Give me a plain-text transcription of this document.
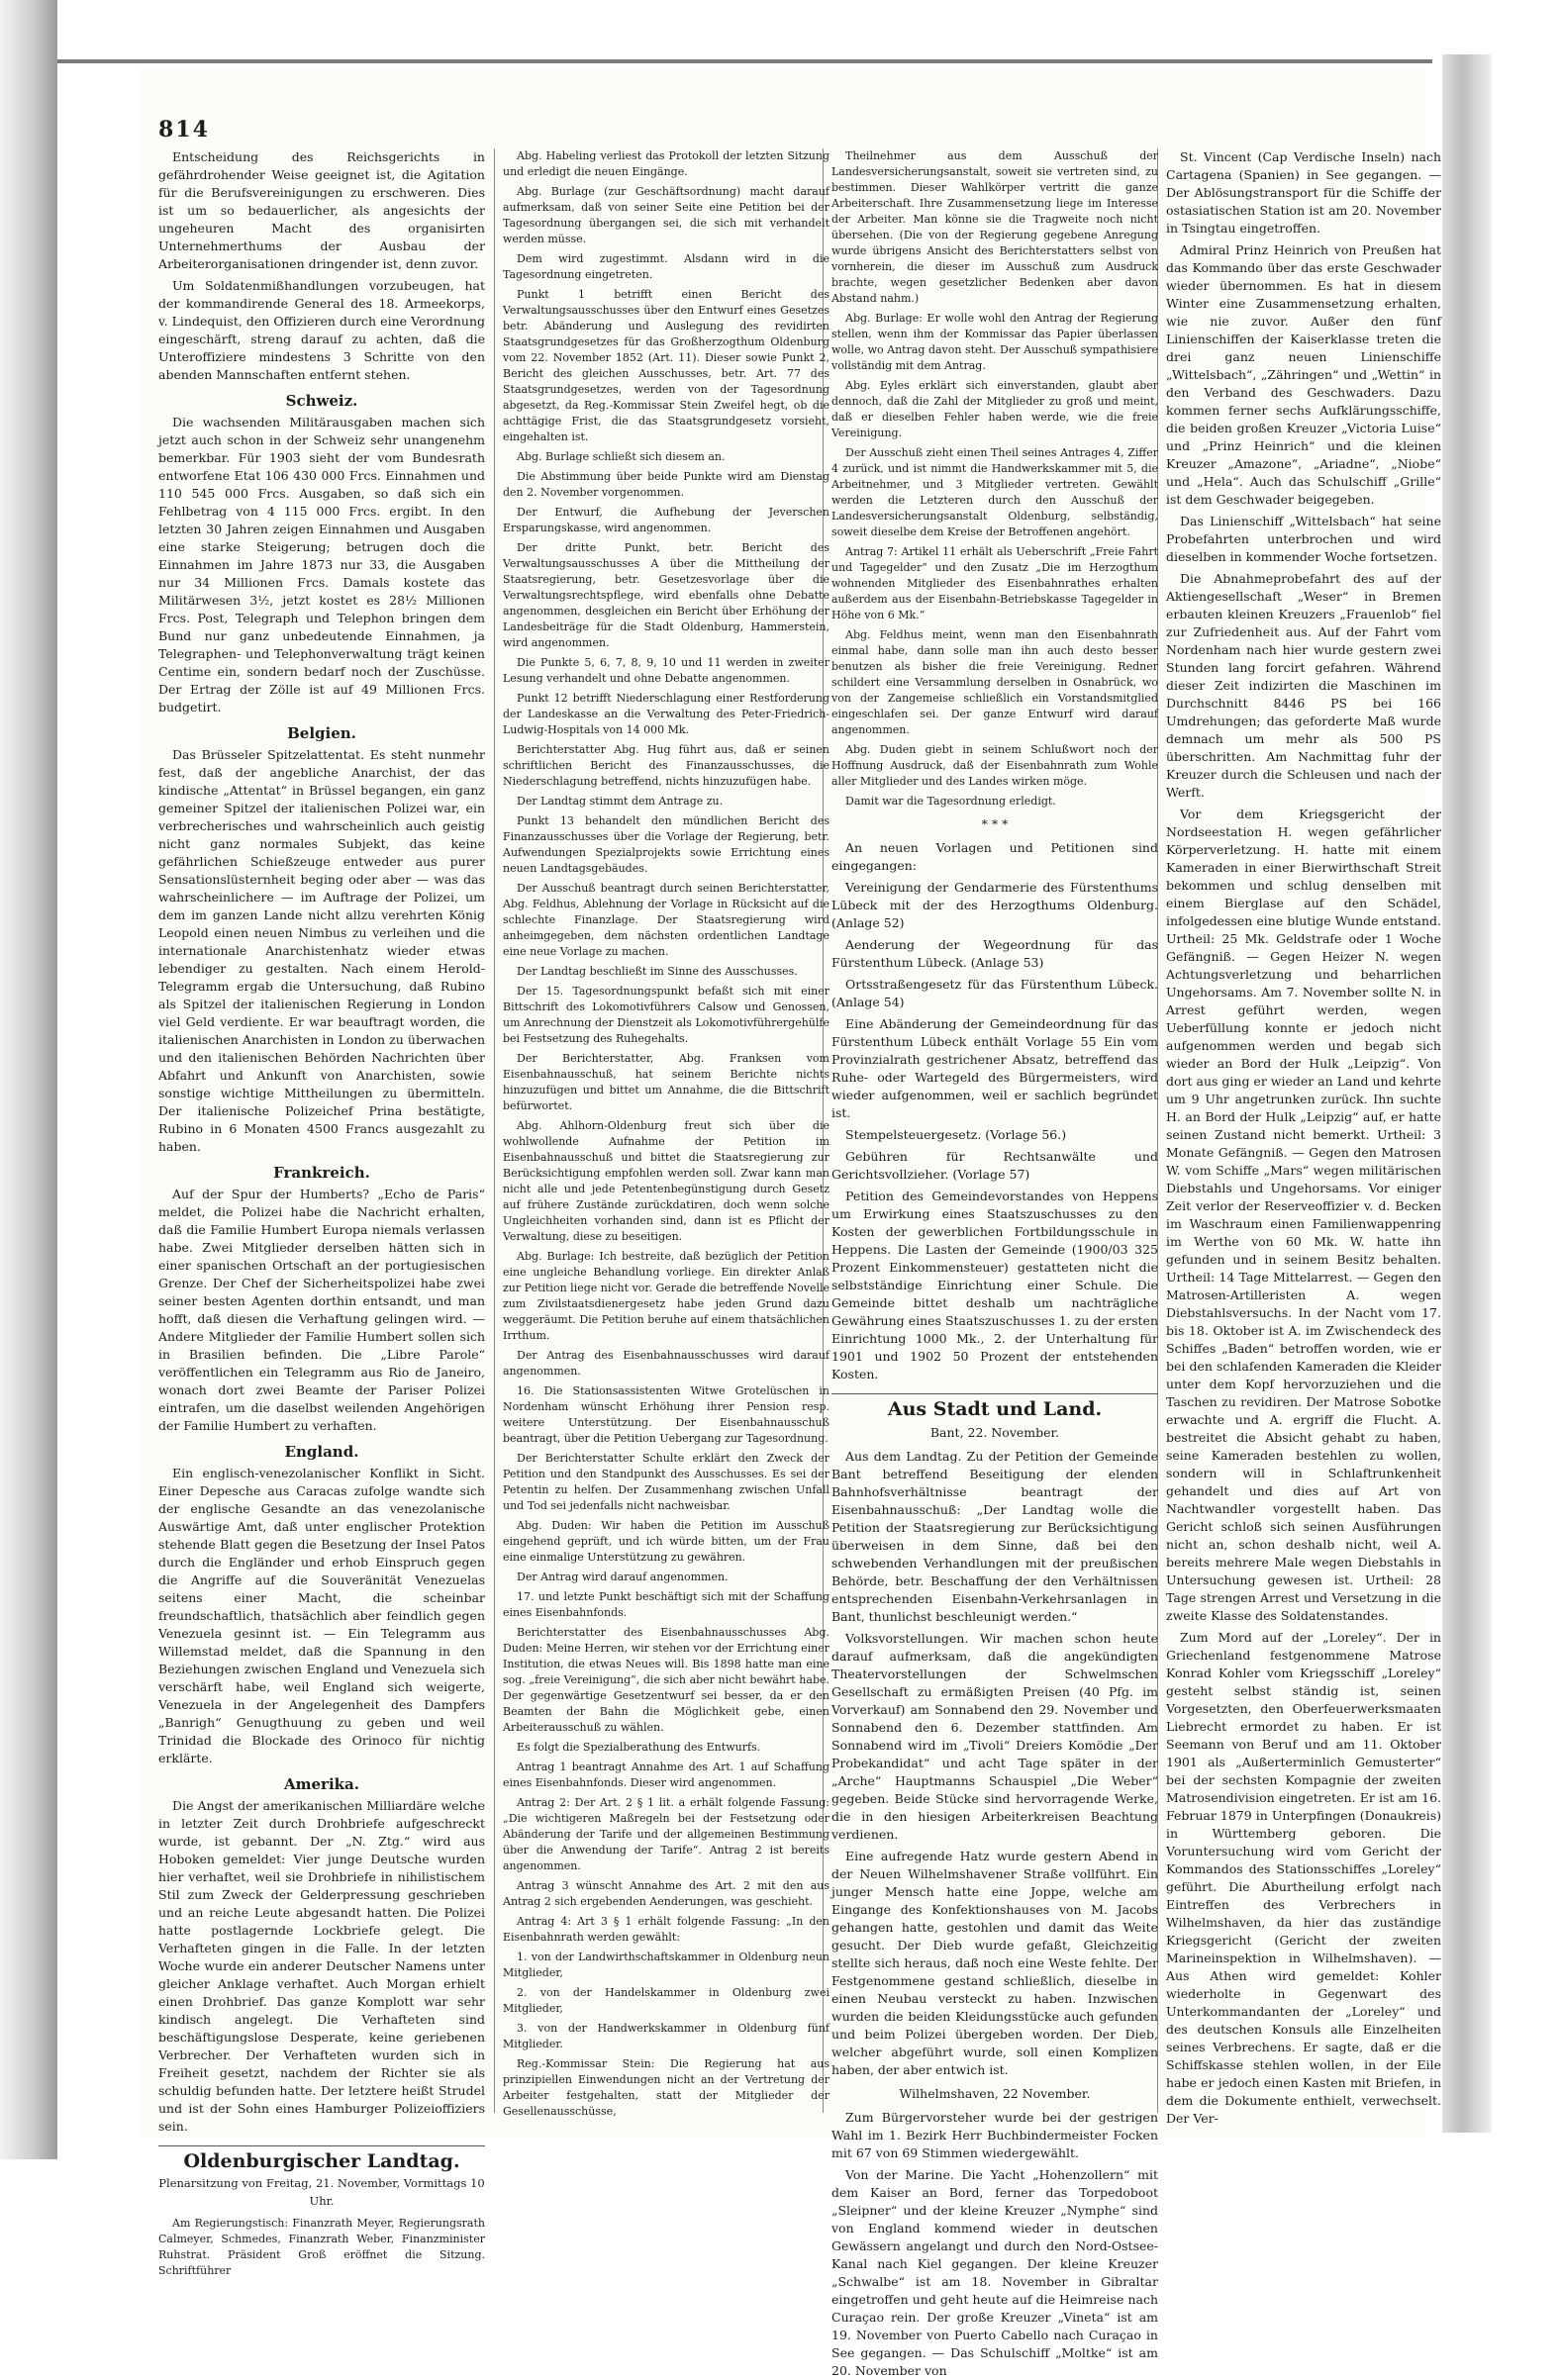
814

Entscheidung des Reichsgerichts in gefährdrohender Weise geeignet ist, die Agitation für die Berufsvereinigungen zu erschweren. Dies ist um so bedauerlicher, als angesichts der ungeheuren Macht des organisirten Unternehmerthums der Ausbau der Arbeiterorganisationen dringender ist, denn zuvor.

Um Soldatenmißhandlungen vorzubeugen, hat der kommandirende General des 18. Armeekorps, v. Lindequist, den Offizieren durch eine Verordnung eingeschärft, streng darauf zu achten, daß die Unteroffiziere mindestens 3 Schritte von den abenden Mannschaften entfernt stehen.

Schweiz.

Die wachsenden Militärausgaben machen sich jetzt auch schon in der Schweiz sehr unangenehm bemerkbar. Für 1903 sieht der vom Bundesrath entworfene Etat 106 430 000 Frcs. Einnahmen und 110 545 000 Frcs. Ausgaben, so daß sich ein Fehlbetrag von 4 115 000 Frcs. ergibt. In den letzten 30 Jahren zeigen Einnahmen und Ausgaben eine starke Steigerung; betrugen doch die Einnahmen im Jahre 1873 nur 33, die Ausgaben nur 34 Millionen Frcs. Damals kostete das Militärwesen 3½, jetzt kostet es 28½ Millionen Frcs. Post, Telegraph und Telephon bringen dem Bund nur ganz unbedeutende Einnahmen, ja Telegraphen- und Telephonverwaltung trägt keinen Centime ein, sondern bedarf noch der Zuschüsse. Der Ertrag der Zölle ist auf 49 Millionen Frcs. budgetirt.

Belgien.

Das Brüsseler Spitzelattentat. Es steht nunmehr fest, daß der angebliche Anarchist, der das kindische „Attentat“ in Brüssel begangen, ein ganz gemeiner Spitzel der italienischen Polizei war, ein verbrecherisches und wahrscheinlich auch geistig nicht ganz normales Subjekt, das keine gefährlichen Schießzeuge entweder aus purer Sensationslüsternheit beging oder aber — was das wahrscheinlichere — im Auftrage der Polizei, um dem im ganzen Lande nicht allzu verehrten König Leopold einen neuen Nimbus zu verleihen und die internationale Anarchistenhatz wieder etwas lebendiger zu gestalten. Nach einem Herold-Telegramm ergab die Untersuchung, daß Rubino als Spitzel der italienischen Regierung in London viel Geld verdiente. Er war beauftragt worden, die italienischen Anarchisten in London zu überwachen und den italienischen Behörden Nachrichten über Abfahrt und Ankunft von Anarchisten, sowie sonstige wichtige Mittheilungen zu übermitteln. Der italienische Polizeichef Prina bestätigte, Rubino in 6 Monaten 4500 Francs ausgezahlt zu haben.

Frankreich.

Auf der Spur der Humberts? „Echo de Paris“ meldet, die Polizei habe die Nachricht erhalten, daß die Familie Humbert Europa niemals verlassen habe. Zwei Mitglieder derselben hätten sich in einer spanischen Ortschaft an der portugiesischen Grenze. Der Chef der Sicherheitspolizei habe zwei seiner besten Agenten dorthin entsandt, und man hofft, daß diesen die Verhaftung gelingen wird. — Andere Mitglieder der Familie Humbert sollen sich in Brasilien befinden. Die „Libre Parole“ veröffentlichen ein Telegramm aus Rio de Janeiro, wonach dort zwei Beamte der Pariser Polizei eintrafen, um die daselbst weilenden Angehörigen der Familie Humbert zu verhaften.

England.

Ein englisch-venezolanischer Konflikt in Sicht. Einer Depesche aus Caracas zufolge wandte sich der englische Gesandte an das venezolanische Auswärtige Amt, daß unter englischer Protektion stehende Blatt gegen die Besetzung der Insel Patos durch die Engländer und erhob Einspruch gegen die Angriffe auf die Souveränität Venezuelas seitens einer Macht, die scheinbar freundschaftlich, thatsächlich aber feindlich gegen Venezuela gesinnt ist. — Ein Telegramm aus Willemstad meldet, daß die Spannung in den Beziehungen zwischen England und Venezuela sich verschärft habe, weil England sich weigerte, Venezuela in der Angelegenheit des Dampfers „Banrigh“ Genugthuung zu geben und weil Trinidad die Blockade des Orinoco für nichtig erklärte.

Amerika.

Die Angst der amerikanischen Milliardäre welche in letzter Zeit durch Drohbriefe aufgeschreckt wurde, ist gebannt. Der „N. Ztg.“ wird aus Hoboken gemeldet: Vier junge Deutsche wurden hier verhaftet, weil sie Drohbriefe in nihilistischem Stil zum Zweck der Gelderpressung geschrieben und an reiche Leute abgesandt hatten. Die Polizei hatte postlagernde Lockbriefe gelegt. Die Verhafteten gingen in die Falle. In der letzten Woche wurde ein anderer Deutscher Namens unter gleicher Anklage verhaftet. Auch Morgan erhielt einen Drohbrief. Das ganze Komplott war sehr kindisch angelegt. Die Verhafteten sind beschäftigungslose Desperate, keine geriebenen Verbrecher. Der Verhafteten wurden sich in Freiheit gesetzt, nachdem der Richter sie als schuldig befunden hatte. Der letztere heißt Strudel und ist der Sohn eines Hamburger Polizeioffiziers sein.

Oldenburgischer Landtag.

Plenarsitzung von Freitag, 21. November, Vormittags 10 Uhr.

Am Regierungstisch: Finanzrath Meyer, Regierungsrath Calmeyer, Schmedes, Finanzrath Weber, Finanzminister Ruhstrat. Präsident Groß eröffnet die Sitzung. Schriftführer

Abg. Habeling verliest das Protokoll der letzten Sitzung und erledigt die neuen Eingänge.

Abg. Burlage (zur Geschäftsordnung) macht darauf aufmerksam, daß von seiner Seite eine Petition bei der Tagesordnung übergangen sei, die sich mit verhandelt werden müsse.

Dem wird zugestimmt. Alsdann wird in die Tagesordnung eingetreten.

Punkt 1 betrifft einen Bericht des Verwaltungsausschusses über den Entwurf eines Gesetzes betr. Abänderung und Auslegung des revidirten Staatsgrundgesetzes für das Großherzogthum Oldenburg vom 22. November 1852 (Art. 11). Dieser sowie Punkt 2, Bericht des gleichen Ausschusses, betr. Art. 77 des Staatsgrundgesetzes, werden von der Tagesordnung abgesetzt, da Reg.-Kommissar Stein Zweifel hegt, ob die achttägige Frist, die das Staatsgrundgesetz vorsieht, eingehalten ist.

Abg. Burlage schließt sich diesem an.

Die Abstimmung über beide Punkte wird am Dienstag den 2. November vorgenommen.

Der Entwurf, die Aufhebung der Jeverschen Ersparungskasse, wird angenommen.

Der dritte Punkt, betr. Bericht des Verwaltungsausschusses A über die Mittheilung der Staatsregierung, betr. Gesetzesvorlage über die Verwaltungsrechtspflege, wird ebenfalls ohne Debatte angenommen, desgleichen ein Bericht über Erhöhung der Landesbeiträge für die Stadt Oldenburg, Hammerstein, wird angenommen.

Die Punkte 5, 6, 7, 8, 9, 10 und 11 werden in zweiter Lesung verhandelt und ohne Debatte angenommen.

Punkt 12 betrifft Niederschlagung einer Restforderung der Landeskasse an die Verwaltung des Peter-Friedrich-Ludwig-Hospitals von 14 000 Mk.

Berichterstatter Abg. Hug führt aus, daß er seinen schriftlichen Bericht des Finanzausschusses, die Niederschlagung betreffend, nichts hinzuzufügen habe.

Der Landtag stimmt dem Antrage zu.

Punkt 13 behandelt den mündlichen Bericht des Finanzausschusses über die Vorlage der Regierung, betr. Aufwendungen Spezialprojekts sowie Errichtung eines neuen Landtagsgebäudes.

Der Ausschuß beantragt durch seinen Berichterstatter, Abg. Feldhus, Ablehnung der Vorlage in Rücksicht auf die schlechte Finanzlage. Der Staatsregierung wird anheimgegeben, dem nächsten ordentlichen Landtage eine neue Vorlage zu machen.

Der Landtag beschließt im Sinne des Ausschusses.

Der 15. Tagesordnungspunkt befaßt sich mit einer Bittschrift des Lokomotivführers Calsow und Genossen, um Anrechnung der Dienstzeit als Lokomotivführergehülfe bei Festsetzung des Ruhegehalts.

Der Berichterstatter, Abg. Franksen vom Eisenbahnausschuß, hat seinem Berichte nichts hinzuzufügen und bittet um Annahme, die die Bittschrift befürwortet.

Abg. Ahlhorn-Oldenburg freut sich über die wohlwollende Aufnahme der Petition im Eisenbahnausschuß und bittet die Staatsregierung zur Berücksichtigung empfohlen werden soll. Zwar kann man nicht alle und jede Petentenbegünstigung durch Gesetz auf frühere Zustände zurückdatiren, doch wenn solche Ungleichheiten vorhanden sind, dann ist es Pflicht der Verwaltung, diese zu beseitigen.

Abg. Burlage: Ich bestreite, daß bezüglich der Petition eine ungleiche Behandlung vorliege. Ein direkter Anlaß zur Petition liege nicht vor. Gerade die betreffende Novelle zum Zivilstaatsdienergesetz habe jeden Grund dazu weggeräumt. Die Petition beruhe auf einem thatsächlichen Irrthum.

Der Antrag des Eisenbahnausschusses wird darauf angenommen.

16. Die Stationsassistenten Witwe Grotelüschen in Nordenham wünscht Erhöhung ihrer Pension resp. weitere Unterstützung. Der Eisenbahnausschuß beantragt, über die Petition Uebergang zur Tagesordnung.

Der Berichterstatter Schulte erklärt den Zweck der Petition und den Standpunkt des Ausschusses. Es sei der Petentin zu helfen. Der Zusammenhang zwischen Unfall und Tod sei jedenfalls nicht nachweisbar.

Abg. Duden: Wir haben die Petition im Ausschuß eingehend geprüft, und ich würde bitten, um der Frau eine einmalige Unterstützung zu gewähren.

Der Antrag wird darauf angenommen.

17. und letzte Punkt beschäftigt sich mit der Schaffung eines Eisenbahnfonds.

Berichterstatter des Eisenbahnausschusses Abg. Duden: Meine Herren, wir stehen vor der Errichtung einer Institution, die etwas Neues will. Bis 1898 hatte man eine sog. „freie Vereinigung“, die sich aber nicht bewährt habe. Der gegenwärtige Gesetzentwurf sei besser, da er den Beamten der Bahn die Möglichkeit gebe, einen Arbeiterausschuß zu wählen.

Es folgt die Spezialberathung des Entwurfs.

Antrag 1 beantragt Annahme des Art. 1 auf Schaffung eines Eisenbahnfonds. Dieser wird angenommen.

Antrag 2: Der Art. 2 § 1 lit. a erhält folgende Fassung: „Die wichtigeren Maßregeln bei der Festsetzung oder Abänderung der Tarife und der allgemeinen Bestimmung über die Anwendung der Tarife“. Antrag 2 ist bereits angenommen.

Antrag 3 wünscht Annahme des Art. 2 mit den aus Antrag 2 sich ergebenden Aenderungen, was geschieht.

Antrag 4: Art 3 § 1 erhält folgende Fassung: „In den Eisenbahnrath werden gewählt:

1. von der Landwirthschaftskammer in Oldenburg neun Mitglieder,

2. von der Handelskammer in Oldenburg zwei Mitglieder,

3. von der Handwerkskammer in Oldenburg fünf Mitglieder.

Reg.-Kommissar Stein: Die Regierung hat aus prinzipiellen Einwendungen nicht an der Vertretung der Arbeiter festgehalten, statt der Mitglieder der Gesellenausschüsse,

Theilnehmer aus dem Ausschuß der Landesversicherungsanstalt, soweit sie vertreten sind, zu bestimmen. Dieser Wahlkörper vertritt die ganze Arbeiterschaft. Ihre Zusammensetzung liege im Interesse der Arbeiter. Man könne sie die Tragweite noch nicht übersehen. (Die von der Regierung gegebene Anregung wurde übrigens Ansicht des Berichterstatters selbst von vornherein, die dieser im Ausschuß zum Ausdruck brachte, wegen gesetzlicher Bedenken aber davon Abstand nahm.)

Abg. Burlage: Er wolle wohl den Antrag der Regierung stellen, wenn ihm der Kommissar das Papier überlassen wolle, wo Antrag davon steht. Der Ausschuß sympathisiere vollständig mit dem Antrag.

Abg. Eyles erklärt sich einverstanden, glaubt aber dennoch, daß die Zahl der Mitglieder zu groß und meint, daß er dieselben Fehler haben werde, wie die freie Vereinigung.

Der Ausschuß zieht einen Theil seines Antrages 4, Ziffer 4 zurück, und ist nimmt die Handwerkskammer mit 5, die Arbeitnehmer, und 3 Mitglieder vertreten. Gewählt werden die Letzteren durch den Ausschuß der Landesversicherungsanstalt Oldenburg, selbständig, soweit dieselbe dem Kreise der Betroffenen angehört.

Antrag 7: Artikel 11 erhält als Ueberschrift „Freie Fahrt und Tagegelder“ und den Zusatz „Die im Herzogthum wohnenden Mitglieder des Eisenbahnrathes erhalten außerdem aus der Eisenbahn-Betriebskasse Tagegelder in Höhe von 6 Mk.“

Abg. Feldhus meint, wenn man den Eisenbahnrath einmal habe, dann solle man ihn auch desto besser benutzen als bisher die freie Vereinigung. Redner schildert eine Versammlung derselben in Osnabrück, wo von der Zangemeise schließlich ein Vorstandsmitglied eingeschlafen sei. Der ganze Entwurf wird darauf angenommen.

Abg. Duden giebt in seinem Schlußwort noch der Hoffnung Ausdruck, daß der Eisenbahnrath zum Wohle aller Mitglieder und des Landes wirken möge.

Damit war die Tagesordnung erledigt.

* * *

An neuen Vorlagen und Petitionen sind eingegangen:

Vereinigung der Gendarmerie des Fürstenthums Lübeck mit der des Herzogthums Oldenburg. (Anlage 52)

Aenderung der Wegeordnung für das Fürstenthum Lübeck. (Anlage 53)

Ortsstraßengesetz für das Fürstenthum Lübeck. (Anlage 54)

Eine Abänderung der Gemeindeordnung für das Fürstenthum Lübeck enthält Vorlage 55 Ein vom Provinzialrath gestrichener Absatz, betreffend das Ruhe- oder Wartegeld des Bürgermeisters, wird wieder aufgenommen, weil er sachlich begründet ist.

Stempelsteuergesetz. (Vorlage 56.)

Gebühren für Rechtsanwälte und Gerichtsvollzieher. (Vorlage 57)

Petition des Gemeindevorstandes von Heppens um Erwirkung eines Staatszuschusses zu den Kosten der gewerblichen Fortbildungsschule in Heppens. Die Lasten der Gemeinde (1900/03 325 Prozent Einkommensteuer) gestatteten nicht die selbstständige Einrichtung einer Schule. Die Gemeinde bittet deshalb um nachträgliche Gewährung eines Staatszuschusses 1. zu der ersten Einrichtung 1000 Mk., 2. der Unterhaltung für 1901 und 1902 50 Prozent der entstehenden Kosten.

Aus Stadt und Land.

Bant, 22. November.

Aus dem Landtag. Zu der Petition der Gemeinde Bant betreffend Beseitigung der elenden Bahnhofsverhältnisse beantragt der Eisenbahnausschuß: „Der Landtag wolle die Petition der Staatsregierung zur Berücksichtigung überweisen in dem Sinne, daß bei den schwebenden Verhandlungen mit der preußischen Behörde, betr. Beschaffung der den Verhältnissen entsprechenden Eisenbahn-Verkehrsanlagen in Bant, thunlichst beschleunigt werden.“

Volksvorstellungen. Wir machen schon heute darauf aufmerksam, daß die angekündigten Theatervorstellungen der Schwelmschen Gesellschaft zu ermäßigten Preisen (40 Pfg. im Vorverkauf) am Sonnabend den 29. November und Sonnabend den 6. Dezember stattfinden. Am Sonnabend wird im „Tivoli“ Dreiers Komödie „Der Probekandidat“ und acht Tage später in der „Arche“ Hauptmanns Schauspiel „Die Weber“ gegeben. Beide Stücke sind hervorragende Werke, die in den hiesigen Arbeiterkreisen Beachtung verdienen.

Eine aufregende Hatz wurde gestern Abend in der Neuen Wilhelmshavener Straße vollführt. Ein junger Mensch hatte eine Joppe, welche am Eingange des Konfektionshauses von M. Jacobs gehangen hatte, gestohlen und damit das Weite gesucht. Der Dieb wurde gefaßt, Gleichzeitig stellte sich heraus, daß noch eine Weste fehlte. Der Festgenommene gestand schließlich, dieselbe in einen Neubau versteckt zu haben. Inzwischen wurden die beiden Kleidungsstücke auch gefunden und beim Polizei übergeben worden. Der Dieb, welcher abgeführt wurde, soll einen Komplizen haben, der aber entwich ist.

Wilhelmshaven, 22 November.

Zum Bürgervorsteher wurde bei der gestrigen Wahl im 1. Bezirk Herr Buchbindermeister Focken mit 67 von 69 Stimmen wiedergewählt.

Von der Marine. Die Yacht „Hohenzollern“ mit dem Kaiser an Bord, ferner das Torpedoboot „Sleipner“ und der kleine Kreuzer „Nymphe“ sind von England kommend wieder in deutschen Gewässern angelangt und durch den Nord-Ostsee-Kanal nach Kiel gegangen. Der kleine Kreuzer „Schwalbe“ ist am 18. November in Gibraltar eingetroffen und geht heute auf die Heimreise nach Curaçao rein. Der große Kreuzer „Vineta“ ist am 19. November von Puerto Cabello nach Curaçao in See gegangen. — Das Schulschiff „Moltke“ ist am 20. November von

St. Vincent (Cap Verdische Inseln) nach Cartagena (Spanien) in See gegangen. — Der Ablösungstransport für die Schiffe der ostasiatischen Station ist am 20. November in Tsingtau eingetroffen.

Admiral Prinz Heinrich von Preußen hat das Kommando über das erste Geschwader wieder übernommen. Es hat in diesem Winter eine Zusammensetzung erhalten, wie nie zuvor. Außer den fünf Linienschiffen der Kaiserklasse treten die drei ganz neuen Linienschiffe „Wittelsbach“, „Zähringen“ und „Wettin“ in den Verband des Geschwaders. Dazu kommen ferner sechs Aufklärungsschiffe, die beiden großen Kreuzer „Victoria Luise“ und „Prinz Heinrich“ und die kleinen Kreuzer „Amazone“, „Ariadne“, „Niobe“ und „Hela“. Auch das Schulschiff „Grille“ ist dem Geschwader beigegeben.

Das Linienschiff „Wittelsbach“ hat seine Probefahrten unterbrochen und wird dieselben in kommender Woche fortsetzen.

Die Abnahmeprobefahrt des auf der Aktiengesellschaft „Weser“ in Bremen erbauten kleinen Kreuzers „Frauenlob“ fiel zur Zufriedenheit aus. Auf der Fahrt vom Nordenham nach hier wurde gestern zwei Stunden lang forcirt gefahren. Während dieser Zeit indizirten die Maschinen im Durchschnitt 8446 PS bei 166 Umdrehungen; das geforderte Maß wurde demnach um mehr als 500 PS überschritten. Am Nachmittag fuhr der Kreuzer durch die Schleusen und nach der Werft.

Vor dem Kriegsgericht der Nordseestation H. wegen gefährlicher Körperverletzung. H. hatte mit einem Kameraden in einer Bierwirthschaft Streit bekommen und schlug denselben mit einem Bierglase auf den Schädel, infolgedessen eine blutige Wunde entstand. Urtheil: 25 Mk. Geldstrafe oder 1 Woche Gefängniß. — Gegen Heizer N. wegen Achtungsverletzung und beharrlichen Ungehorsams. Am 7. November sollte N. in Arrest geführt werden, wegen Ueberfüllung konnte er jedoch nicht aufgenommen werden und begab sich wieder an Bord der Hulk „Leipzig“. Von dort aus ging er wieder an Land und kehrte um 9 Uhr angetrunken zurück. Ihn suchte H. an Bord der Hulk „Leipzig“ auf, er hatte seinen Zustand nicht bemerkt. Urtheil: 3 Monate Gefängniß. — Gegen den Matrosen W. vom Schiffe „Mars“ wegen militärischen Diebstahls und Ungehorsams. Vor einiger Zeit verlor der Reserveoffizier v. d. Becken im Waschraum einen Familienwappenring im Werthe von 60 Mk. W. hatte ihn gefunden und in seinem Besitz behalten. Urtheil: 14 Tage Mittelarrest. — Gegen den Matrosen-Artilleristen A. wegen Diebstahlsversuchs. In der Nacht vom 17. bis 18. Oktober ist A. im Zwischendeck des Schiffes „Baden“ betroffen worden, wie er bei den schlafenden Kameraden die Kleider unter dem Kopf hervorzuziehen und die Taschen zu revidiren. Der Matrose Sobotke erwachte und A. ergriff die Flucht. A. bestreitet die Absicht gehabt zu haben, seine Kameraden bestehlen zu wollen, sondern will in Schlaftrunkenheit gehandelt und dies auf Art von Nachtwandler vorgestellt haben. Das Gericht schloß sich seinen Ausführungen nicht an, schon deshalb nicht, weil A. bereits mehrere Male wegen Diebstahls in Untersuchung gewesen ist. Urtheil: 28 Tage strengen Arrest und Versetzung in die zweite Klasse des Soldatenstandes.

Zum Mord auf der „Loreley“. Der in Griechenland festgenommene Matrose Konrad Kohler vom Kriegsschiff „Loreley“ gesteht selbst ständig ist, seinen Vorgesetzten, den Oberfeuerwerksmaaten Liebrecht ermordet zu haben. Er ist Seemann von Beruf und am 11. Oktober 1901 als „Außerterminlich Gemusterter“ bei der sechsten Kompagnie der zweiten Matrosendivision eingetreten. Er ist am 16. Februar 1879 in Unterpfingen (Donaukreis) in Württemberg geboren. Die Voruntersuchung wird vom Gericht der Kommandos des Stationsschiffes „Loreley“ geführt. Die Aburtheilung erfolgt nach Eintreffen des Verbrechers in Wilhelmshaven, da hier das zuständige Kriegsgericht (Gericht der zweiten Marineinspektion in Wilhelmshaven). — Aus Athen wird gemeldet: Kohler wiederholte in Gegenwart des Unterkommandanten der „Loreley“ und des deutschen Konsuls alle Einzelheiten seines Verbrechens. Er sagte, daß er die Schiffskasse stehlen wollen, in der Eile habe er jedoch einen Kasten mit Briefen, in dem die Dokumente enthielt, verwechselt. Der Ver-
